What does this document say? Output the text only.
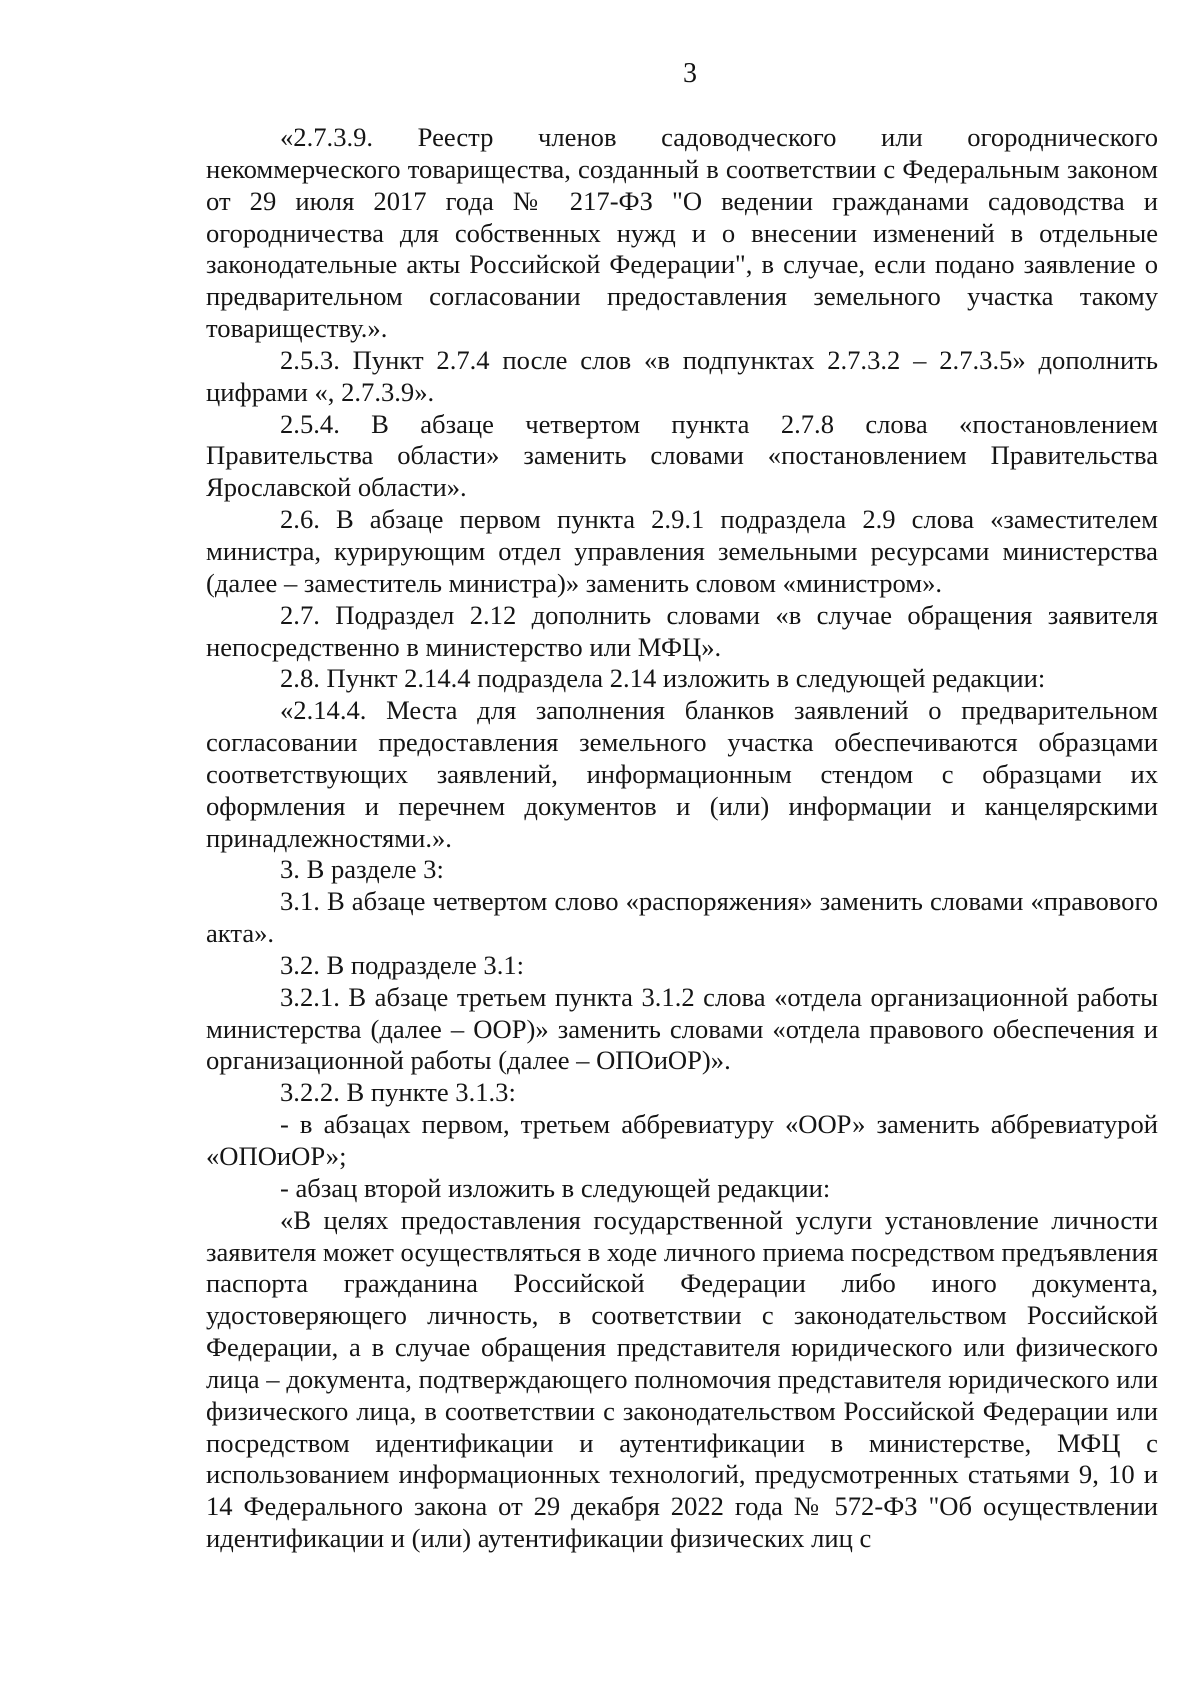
3

«2.7.3.9. Реестр членов садоводческого или огороднического некоммерческого товарищества, созданный в соответствии с Федеральным законом от 29 июля 2017 года № 217-ФЗ "О ведении гражданами садоводства и огородничества для собственных нужд и о внесении изменений в отдельные законодательные акты Российской Федерации", в случае, если подано заявление о предварительном согласовании предоставления земельного участка такому товариществу.».

2.5.3. Пункт 2.7.4 после слов «в подпунктах 2.7.3.2 – 2.7.3.5» дополнить цифрами «, 2.7.3.9».

2.5.4. В абзаце четвертом пункта 2.7.8 слова «постановлением Правительства области» заменить словами «постановлением Правительства Ярославской области».

2.6. В абзаце первом пункта 2.9.1 подраздела 2.9 слова «заместителем министра, курирующим отдел управления земельными ресурсами министерства (далее – заместитель министра)» заменить словом «министром».

2.7. Подраздел 2.12 дополнить словами «в случае обращения заявителя непосредственно в министерство или МФЦ».

2.8. Пункт 2.14.4 подраздела 2.14 изложить в следующей редакции:

«2.14.4. Места для заполнения бланков заявлений о предварительном согласовании предоставления земельного участка обеспечиваются образцами соответствующих заявлений, информационным стендом с образцами их оформления и перечнем документов и (или) информации и канцелярскими принадлежностями.».

3. В разделе 3:

3.1. В абзаце четвертом слово «распоряжения» заменить словами «правового акта».

3.2. В подразделе 3.1:

3.2.1. В абзаце третьем пункта 3.1.2 слова «отдела организационной работы министерства (далее – ООР)» заменить словами «отдела правового обеспечения и организационной работы (далее – ОПОиОР)».

3.2.2. В пункте 3.1.3:

- в абзацах первом, третьем аббревиатуру «ООР» заменить аббревиатурой «ОПОиОР»;

- абзац второй изложить в следующей редакции:

«В целях предоставления государственной услуги установление личности заявителя может осуществляться в ходе личного приема посредством предъявления паспорта гражданина Российской Федерации либо иного документа, удостоверяющего личность, в соответствии с законодательством Российской Федерации, а в случае обращения представителя юридического или физического лица – документа, подтверждающего полномочия представителя юридического или физического лица, в соответствии с законодательством Российской Федерации или посредством идентификации и аутентификации в министерстве, МФЦ с использованием информационных технологий, предусмотренных статьями 9, 10 и 14 Федерального закона от 29 декабря 2022 года № 572-ФЗ "Об осуществлении идентификации и (или) аутентификации физических лиц с
